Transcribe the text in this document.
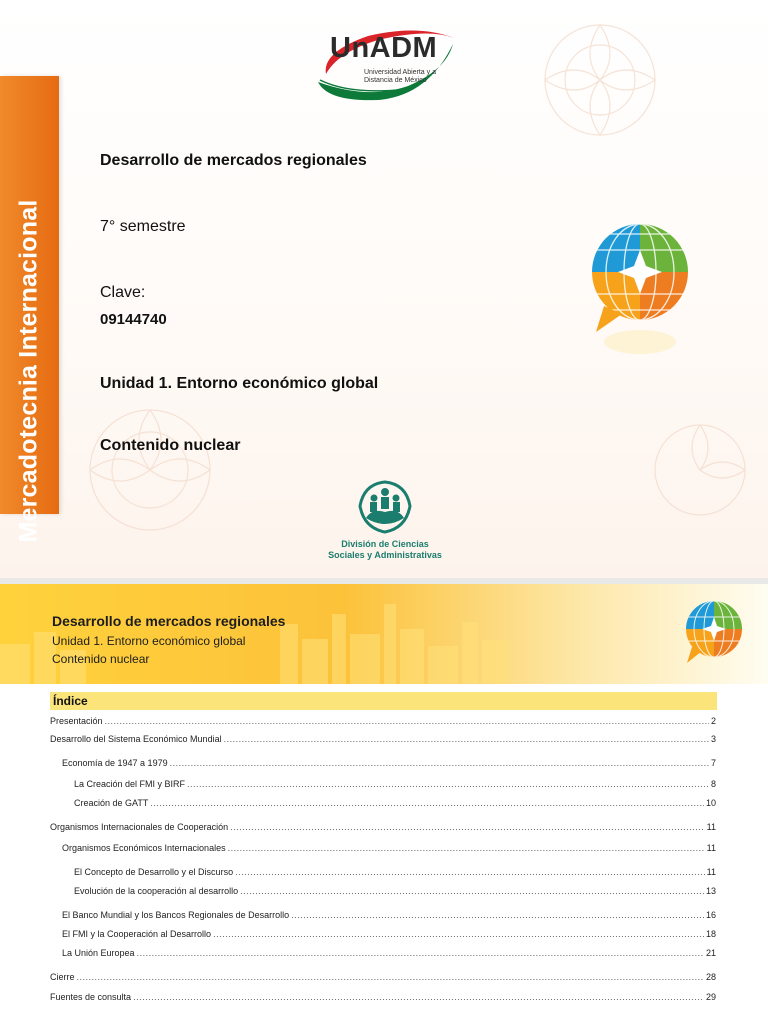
Mercadotecnia Internacional
UnADM
Universidad Abierta y a Distancia de México
Desarrollo de mercados regionales
7° semestre
Clave:
09144740
Unidad 1. Entorno económico global
Contenido nuclear
División de Ciencias
Sociales y Administrativas
Desarrollo de mercados regionales
Unidad 1. Entorno económico global
Contenido nuclear
Índice
Presentación .....	2
Desarrollo del Sistema Económico Mundial .....	3
Economía de 1947 a 1979 .....	7
La Creación del FMI y BIRF .....	8
Creación de GATT .....	10
Organismos Internacionales de Cooperación .....	11
Organismos Económicos Internacionales .....	11
El Concepto de Desarrollo y el Discurso .....	11
Evolución de la cooperación al desarrollo .....	13
El Banco Mundial y los Bancos Regionales de Desarrollo .....	16
El FMI y la Cooperación al Desarrollo .....	18
La Unión Europea .....	21
Cierre .....	28
Fuentes de consulta .....	29
